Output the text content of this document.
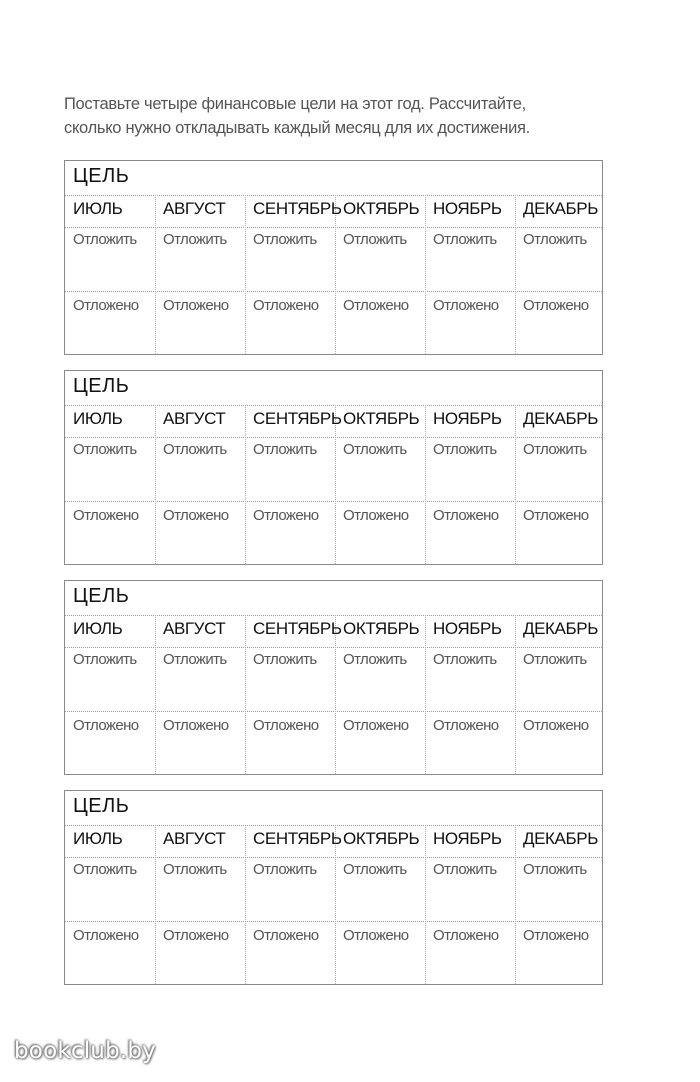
Поставьте четыре финансовые цели на этот год. Рассчитайте,
сколько нужно откладывать каждый месяц для их достижения.
ЦЕЛЬ
ИЮЛЬ АВГУСТ СЕНТЯБРЬ ОКТЯБРЬ НОЯБРЬ ДЕКАБРЬ
Отложить Отложить Отложить Отложить Отложить Отложить
Отложено Отложено Отложено Отложено Отложено Отложено
ЦЕЛЬ
ИЮЛЬ АВГУСТ СЕНТЯБРЬ ОКТЯБРЬ НОЯБРЬ ДЕКАБРЬ
Отложить Отложить Отложить Отложить Отложить Отложить
Отложено Отложено Отложено Отложено Отложено Отложено
ЦЕЛЬ
ИЮЛЬ АВГУСТ СЕНТЯБРЬ ОКТЯБРЬ НОЯБРЬ ДЕКАБРЬ
Отложить Отложить Отложить Отложить Отложить Отложить
Отложено Отложено Отложено Отложено Отложено Отложено
ЦЕЛЬ
ИЮЛЬ АВГУСТ СЕНТЯБРЬ ОКТЯБРЬ НОЯБРЬ ДЕКАБРЬ
Отложить Отложить Отложить Отложить Отложить Отложить
Отложено Отложено Отложено Отложено Отложено Отложено
bookclub.by
